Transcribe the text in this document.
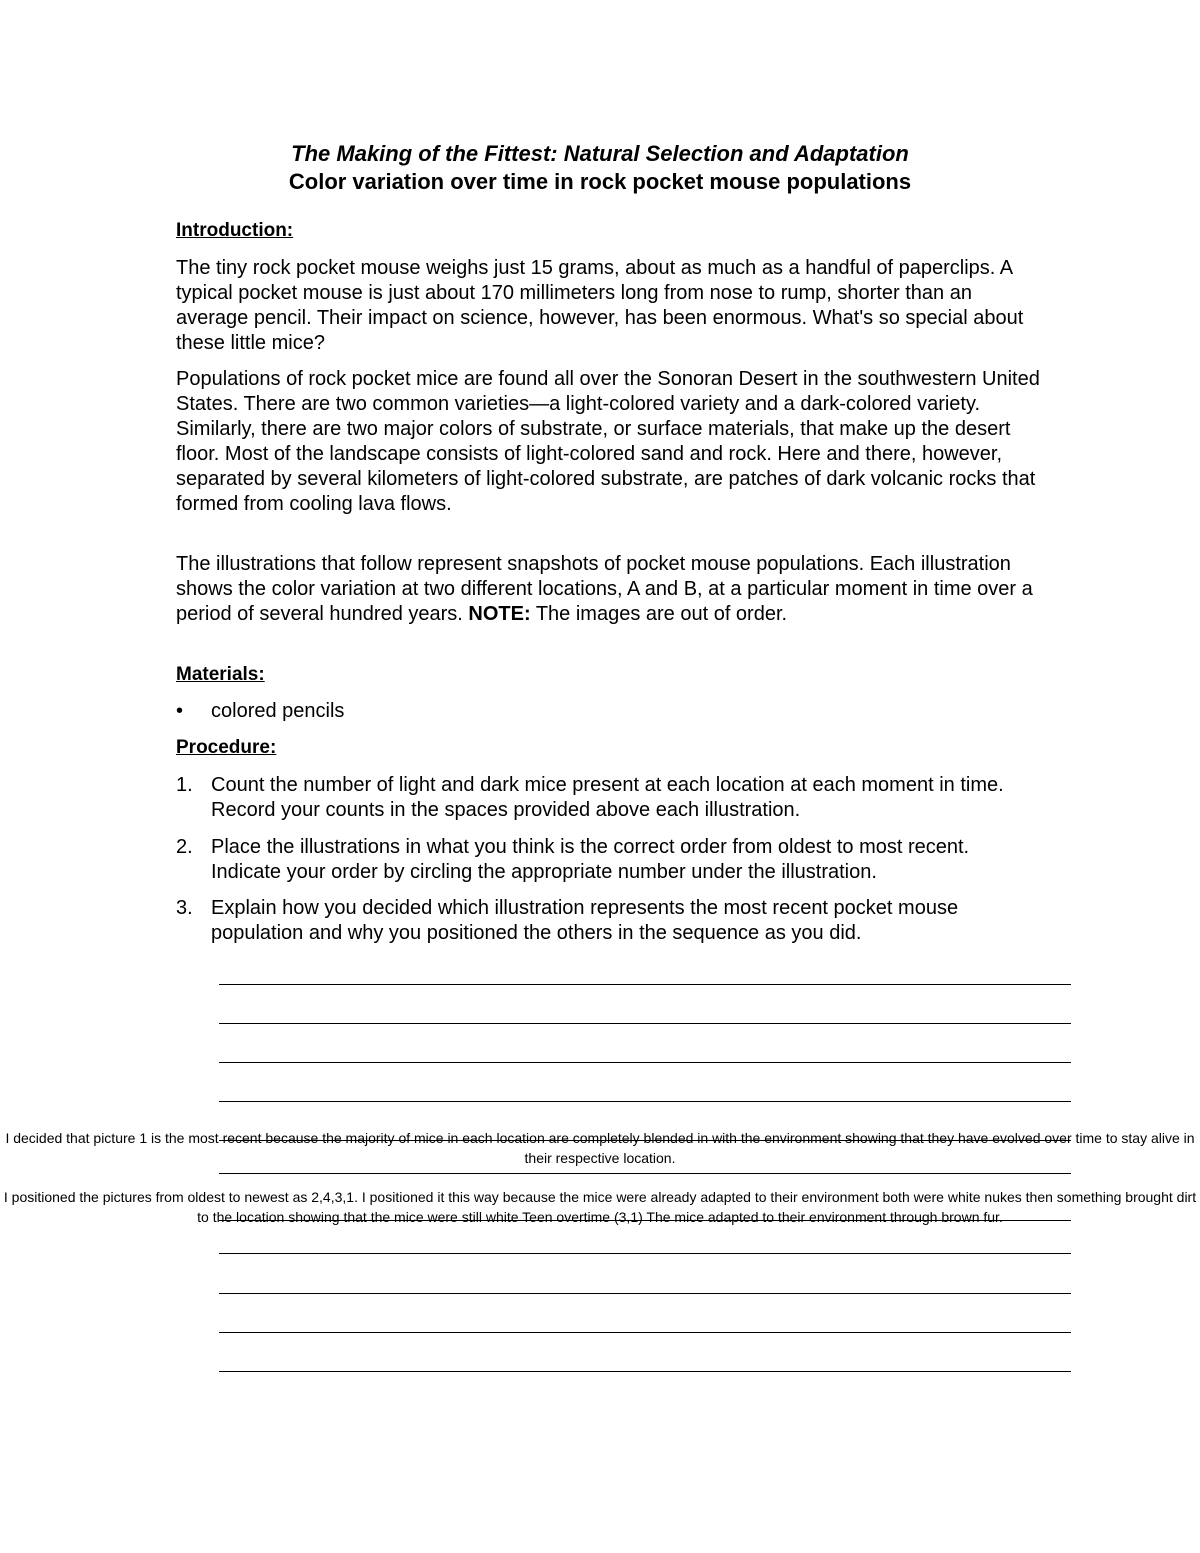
The Making of the Fittest: Natural Selection and Adaptation
Color variation over time in rock pocket mouse populations
Introduction:
The tiny rock pocket mouse weighs just 15 grams, about as much as a handful of paperclips. A typical pocket mouse is just about 170 millimeters long from nose to rump, shorter than an average pencil. Their impact on science, however, has been enormous. What's so special about these little mice?
Populations of rock pocket mice are found all over the Sonoran Desert in the southwestern United States. There are two common varieties—a light-colored variety and a dark-colored variety. Similarly, there are two major colors of substrate, or surface materials, that make up the desert floor. Most of the landscape consists of light-colored sand and rock. Here and there, however, separated by several kilometers of light-colored substrate, are patches of dark volcanic rocks that formed from cooling lava flows.
The illustrations that follow represent snapshots of pocket mouse populations. Each illustration shows the color variation at two different locations, A and B, at a particular moment in time over a period of several hundred years. NOTE: The images are out of order.
Materials:
• colored pencils
Procedure:
1. Count the number of light and dark mice present at each location at each moment in time. Record your counts in the spaces provided above each illustration.
2. Place the illustrations in what you think is the correct order from oldest to most recent. Indicate your order by circling the appropriate number under the illustration.
3. Explain how you decided which illustration represents the most recent pocket mouse population and why you positioned the others in the sequence as you did.
I decided that picture 1 is the most recent because the majority of mice in each location are completely blended in with the environment showing that they have evolved over time to stay alive in their respective location.
I positioned the pictures from oldest to newest as 2,4,3,1. I positioned it this way because the mice were already adapted to their environment both were white nukes then something brought dirt to the location showing that the mice were still white Teen overtime (3,1) The mice adapted to their environment through brown fur.
